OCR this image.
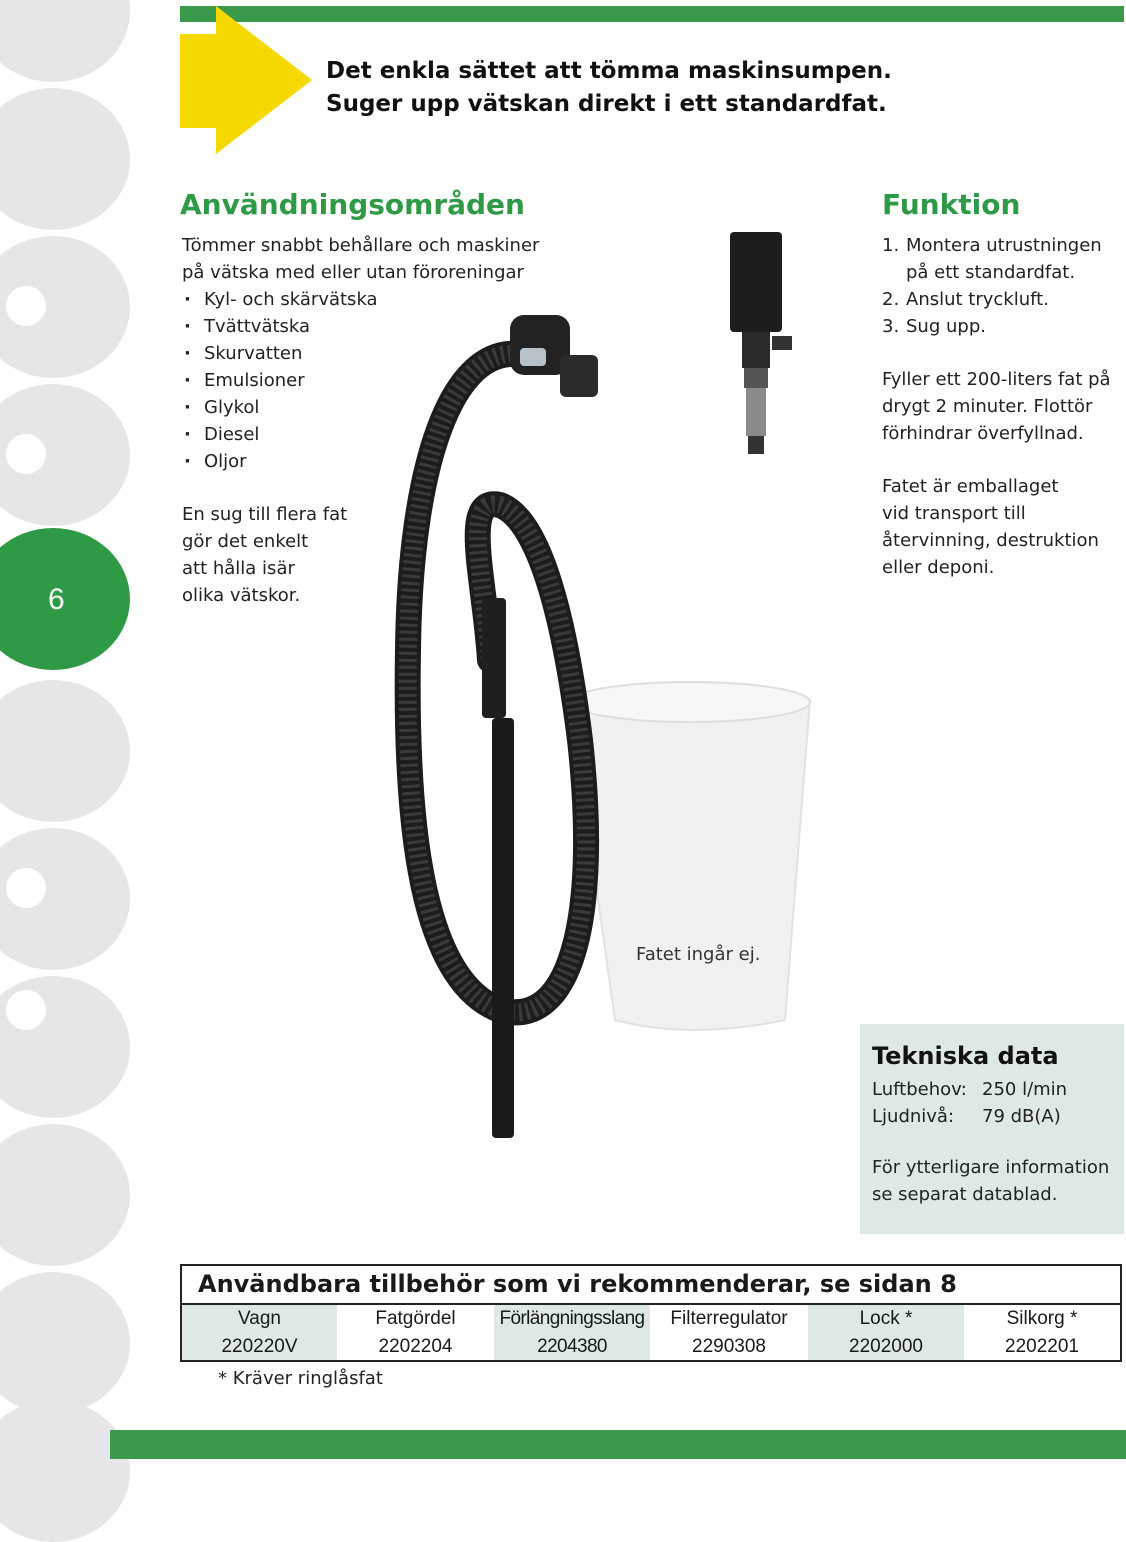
6
Det enkla sättet att tömma maskinsumpen.
Suger upp vätskan direkt i ett standardfat.
Användningsområden
Tömmer snabbt behållare och maskiner
på vätska med eller utan föroreningar
· Kyl- och skärvätska
· Tvättvätska
· Skurvatten
· Emulsioner
· Glykol
· Diesel
· Oljor
En sug till flera fat
gör det enkelt
att hålla isär
olika vätskor.
Funktion
1. Montera utrustningen
på ett standardfat.
2. Anslut tryckluft.
3. Sug upp.
Fyller ett 200-liters fat på
drygt 2 minuter. Flottör
förhindrar överfyllnad.
Fatet är emballaget
vid transport till
återvinning, destruktion
eller deponi.
Fatet ingår ej.
Tekniska data
Luftbehov: 250 l/min
Ljudnivå: 79 dB(A)
För ytterligare information
se separat datablad.
Användbara tillbehör som vi rekommenderar, se sidan 8
Vagn
220220V
Fatgördel
2202204
Förlängningsslang
2204380
Filterregulator
2290308
Lock *
2202000
Silkorg *
2202201
* Kräver ringlåsfat
